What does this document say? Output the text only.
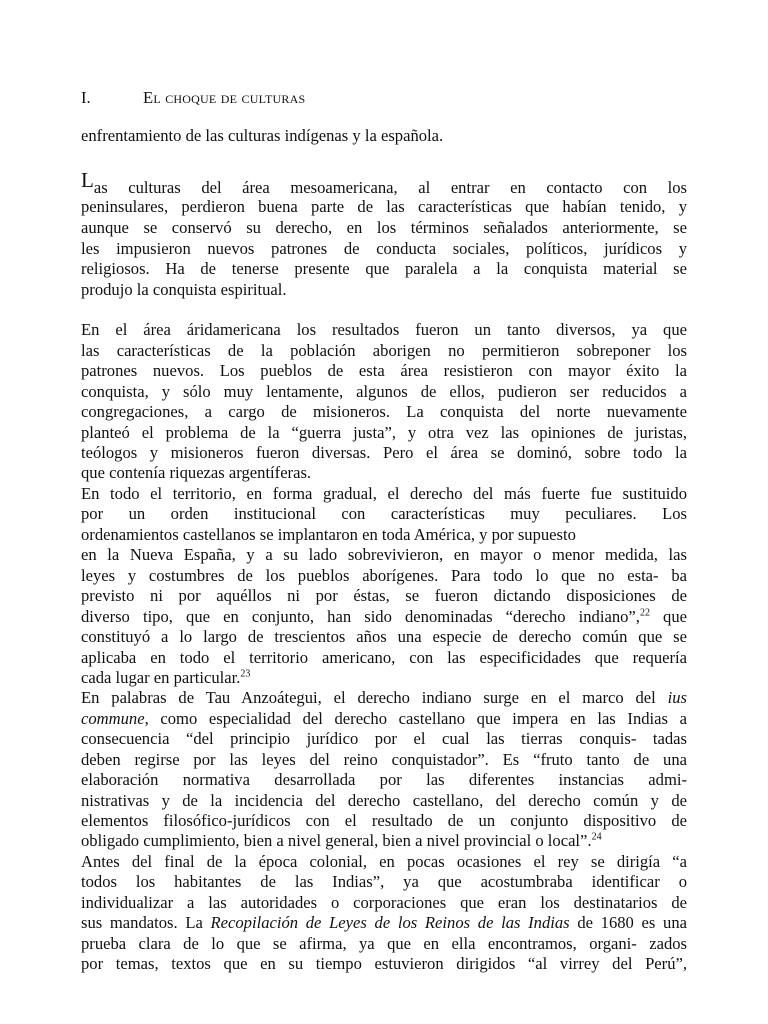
I.	El choque de culturas
enfrentamiento de las culturas indígenas y la española.
Las culturas del área mesoamericana, al entrar en contacto con los
peninsulares, perdieron buena parte de las características que habían tenido, y
aunque se conservó su derecho, en los términos señalados anteriormente, se
les impusieron nuevos patrones de conducta sociales, políticos, jurídicos y
religiosos. Ha de tenerse presente que paralela a la conquista material se
produjo la conquista espiritual.
En el área áridamericana los resultados fueron un tanto diversos, ya que
las características de la población aborigen no permitieron sobreponer los
patrones nuevos. Los pueblos de esta área resistieron con mayor éxito la
conquista, y sólo muy lentamente, algunos de ellos, pudieron ser reducidos a
congregaciones, a cargo de misioneros. La conquista del norte nuevamente
planteó el problema de la “guerra justa”, y otra vez las opiniones de juristas,
teólogos y misioneros fueron diversas. Pero el área se dominó, sobre todo la
que contenía riquezas argentíferas.
En todo el territorio, en forma gradual, el derecho del más fuerte fue sustituido
por un orden institucional con características muy peculiares. Los
ordenamientos castellanos se implantaron en toda América, y por supuesto
en la Nueva España, y a su lado sobrevivieron, en mayor o menor medida, las
leyes y costumbres de los pueblos aborígenes. Para todo lo que no esta- ba
previsto ni por aquéllos ni por éstas, se fueron dictando disposiciones de
diverso tipo, que en conjunto, han sido denominadas “derecho indiano”,$^{22}$ que
constituyó a lo largo de trescientos años una especie de derecho común que se
aplicaba en todo el territorio americano, con las especificidades que requería
cada lugar en particular.$^{23}$
En palabras de Tau Anzoátegui, el derecho indiano surge en el marco del ius
commune, como especialidad del derecho castellano que impera en las Indias a
consecuencia “del principio jurídico por el cual las tierras conquis- tadas
deben regirse por las leyes del reino conquistador”. Es “fruto tanto de una
elaboración normativa desarrollada por las diferentes instancias admi-
nistrativas y de la incidencia del derecho castellano, del derecho común y de
elementos filosófico-jurídicos con el resultado de un conjunto dispositivo de
obligado cumplimiento, bien a nivel general, bien a nivel provincial o local”.$^{24}$
Antes del final de la época colonial, en pocas ocasiones el rey se dirigía “a
todos los habitantes de las Indias”, ya que acostumbraba identificar o
individualizar a las autoridades o corporaciones que eran los destinatarios de
sus mandatos. La Recopilación de Leyes de los Reinos de las Indias de 1680 es una
prueba clara de lo que se afirma, ya que en ella encontramos, organi- zados
por temas, textos que en su tiempo estuvieron dirigidos “al virrey del Perú”,
